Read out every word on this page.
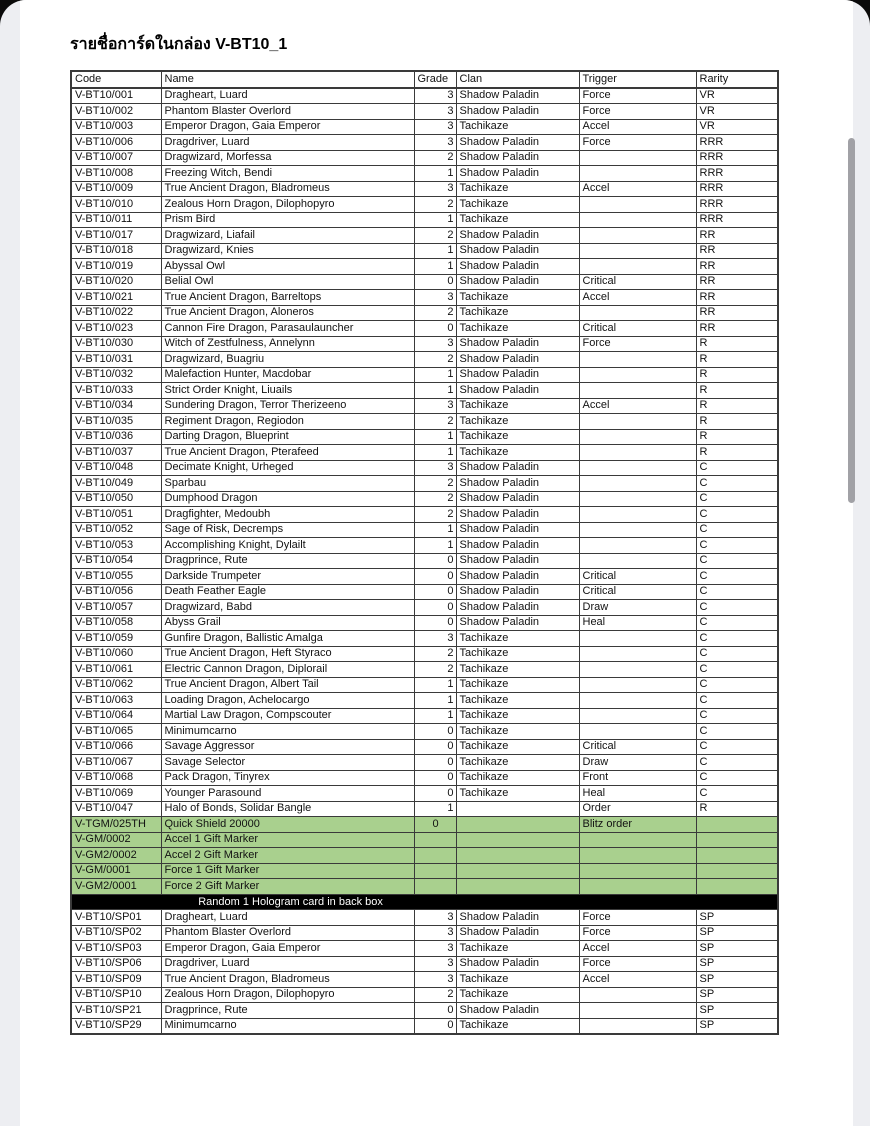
รายชื่อการ์ดในกล่อง V-BT10_1
Code	Name	Grade	Clan	Trigger	Rarity
V-BT10/001	Dragheart, Luard	3	Shadow Paladin	Force	VR
V-BT10/002	Phantom Blaster Overlord	3	Shadow Paladin	Force	VR
V-BT10/003	Emperor Dragon, Gaia Emperor	3	Tachikaze	Accel	VR
V-BT10/006	Dragdriver, Luard	3	Shadow Paladin	Force	RRR
V-BT10/007	Dragwizard, Morfessa	2	Shadow Paladin		RRR
V-BT10/008	Freezing Witch, Bendi	1	Shadow Paladin		RRR
V-BT10/009	True Ancient Dragon, Bladromeus	3	Tachikaze	Accel	RRR
V-BT10/010	Zealous Horn Dragon, Dilophopyro	2	Tachikaze		RRR
V-BT10/011	Prism Bird	1	Tachikaze		RRR
V-BT10/017	Dragwizard, Liafail	2	Shadow Paladin		RR
V-BT10/018	Dragwizard, Knies	1	Shadow Paladin		RR
V-BT10/019	Abyssal Owl	1	Shadow Paladin		RR
V-BT10/020	Belial Owl	0	Shadow Paladin	Critical	RR
V-BT10/021	True Ancient Dragon, Barreltops	3	Tachikaze	Accel	RR
V-BT10/022	True Ancient Dragon, Aloneros	2	Tachikaze		RR
V-BT10/023	Cannon Fire Dragon, Parasaulauncher	0	Tachikaze	Critical	RR
V-BT10/030	Witch of Zestfulness, Annelynn	3	Shadow Paladin	Force	R
V-BT10/031	Dragwizard, Buagriu	2	Shadow Paladin		R
V-BT10/032	Malefaction Hunter, Macdobar	1	Shadow Paladin		R
V-BT10/033	Strict Order Knight, Liuails	1	Shadow Paladin		R
V-BT10/034	Sundering Dragon, Terror Therizeeno	3	Tachikaze	Accel	R
V-BT10/035	Regiment Dragon, Regiodon	2	Tachikaze		R
V-BT10/036	Darting Dragon, Blueprint	1	Tachikaze		R
V-BT10/037	True Ancient Dragon, Pterafeed	1	Tachikaze		R
V-BT10/048	Decimate Knight, Urheged	3	Shadow Paladin		C
V-BT10/049	Sparbau	2	Shadow Paladin		C
V-BT10/050	Dumphood Dragon	2	Shadow Paladin		C
V-BT10/051	Dragfighter, Medoubh	2	Shadow Paladin		C
V-BT10/052	Sage of Risk, Decremps	1	Shadow Paladin		C
V-BT10/053	Accomplishing Knight, Dylailt	1	Shadow Paladin		C
V-BT10/054	Dragprince, Rute	0	Shadow Paladin		C
V-BT10/055	Darkside Trumpeter	0	Shadow Paladin	Critical	C
V-BT10/056	Death Feather Eagle	0	Shadow Paladin	Critical	C
V-BT10/057	Dragwizard, Babd	0	Shadow Paladin	Draw	C
V-BT10/058	Abyss Grail	0	Shadow Paladin	Heal	C
V-BT10/059	Gunfire Dragon, Ballistic Amalga	3	Tachikaze		C
V-BT10/060	True Ancient Dragon, Heft Styraco	2	Tachikaze		C
V-BT10/061	Electric Cannon Dragon, Diplorail	2	Tachikaze		C
V-BT10/062	True Ancient Dragon, Albert Tail	1	Tachikaze		C
V-BT10/063	Loading Dragon, Achelocargo	1	Tachikaze		C
V-BT10/064	Martial Law Dragon, Compscouter	1	Tachikaze		C
V-BT10/065	Minimumcarno	0	Tachikaze		C
V-BT10/066	Savage Aggressor	0	Tachikaze	Critical	C
V-BT10/067	Savage Selector	0	Tachikaze	Draw	C
V-BT10/068	Pack Dragon, Tinyrex	0	Tachikaze	Front	C
V-BT10/069	Younger Parasound	0	Tachikaze	Heal	C
V-BT10/047	Halo of Bonds, Solidar Bangle	1		Order	R
V-TGM/025TH	Quick Shield 20000	0		Blitz order	
V-GM/0002	Accel 1 Gift Marker				
V-GM2/0002	Accel 2 Gift Marker				
V-GM/0001	Force 1 Gift Marker				
V-GM2/0001	Force 2 Gift Marker				

Random 1 Hologram card in back box					

V-BT10/SP01	Dragheart, Luard	3	Shadow Paladin	Force	SP
V-BT10/SP02	Phantom Blaster Overlord	3	Shadow Paladin	Force	SP
V-BT10/SP03	Emperor Dragon, Gaia Emperor	3	Tachikaze	Accel	SP
V-BT10/SP06	Dragdriver, Luard	3	Shadow Paladin	Force	SP
V-BT10/SP09	True Ancient Dragon, Bladromeus	3	Tachikaze	Accel	SP
V-BT10/SP10	Zealous Horn Dragon, Dilophopyro	2	Tachikaze		SP
V-BT10/SP21	Dragprince, Rute	0	Shadow Paladin		SP
V-BT10/SP29	Minimumcarno	0	Tachikaze		SP
